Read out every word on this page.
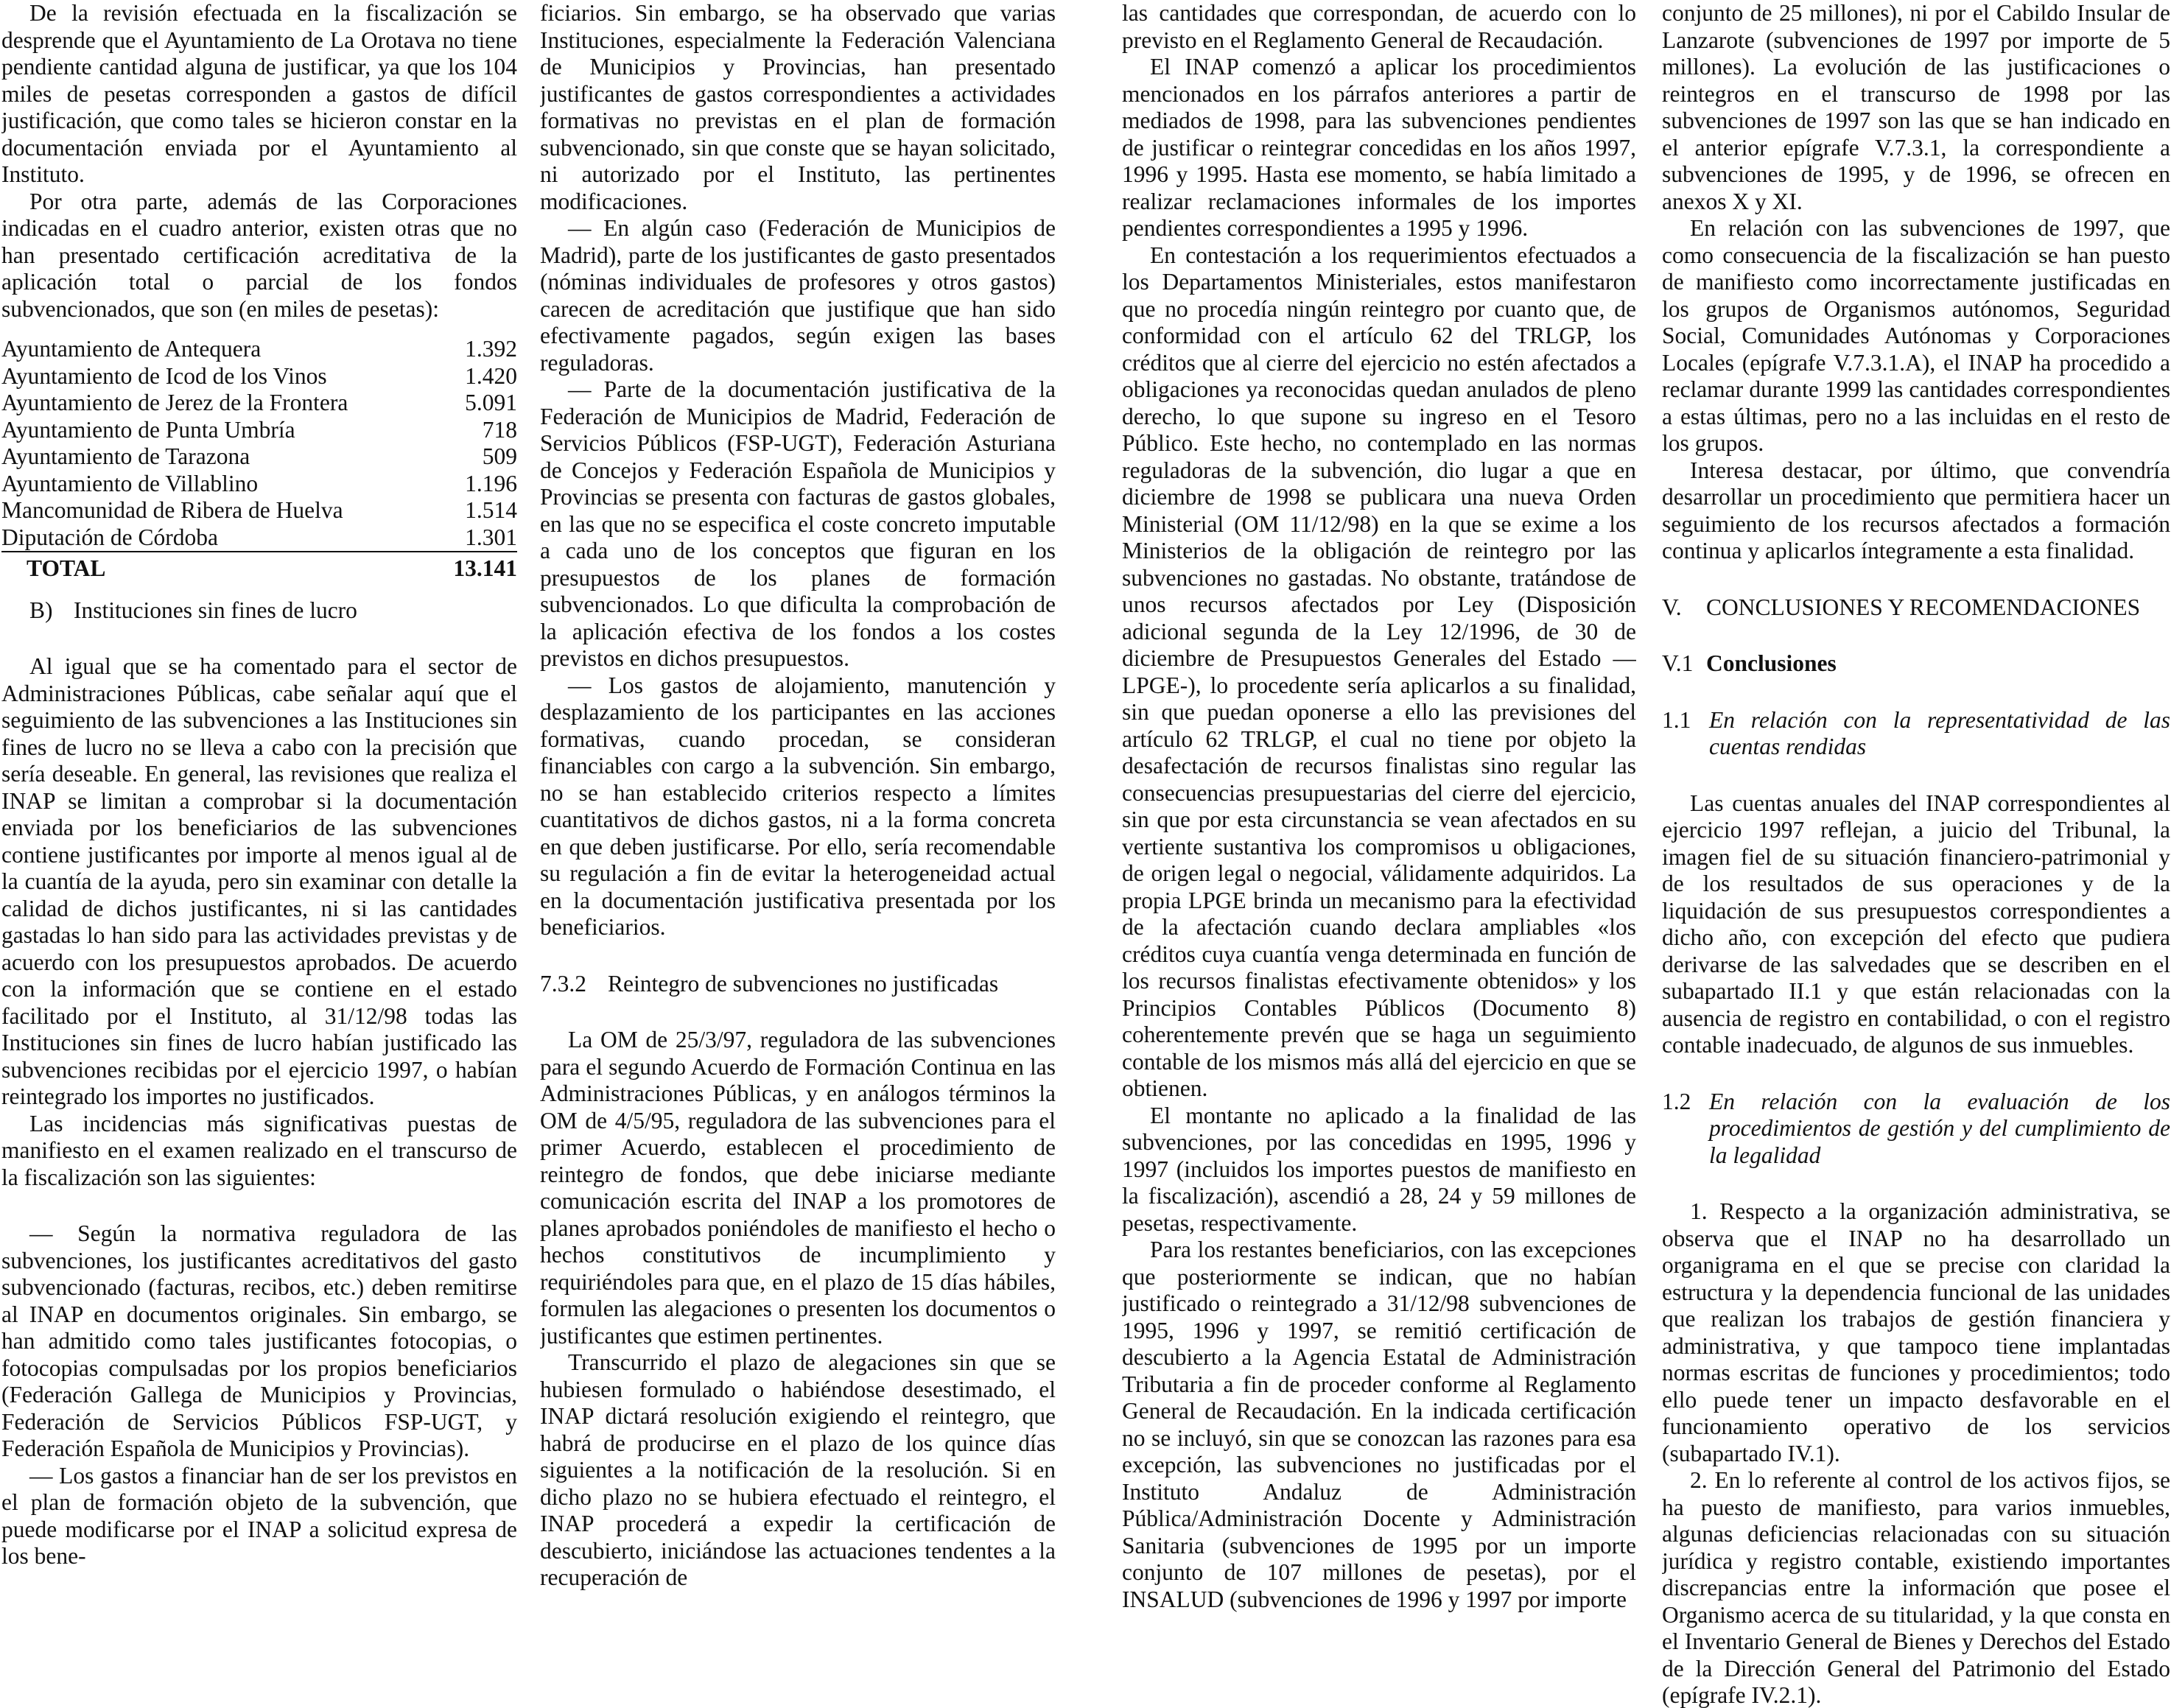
De la revisión efectuada en la fiscalización se desprende que el Ayuntamiento de La Orotava no tiene pendiente cantidad alguna de justificar, ya que los 104 miles de pesetas corresponden a gastos de difícil justificación, que como tales se hicieron constar en la documentación enviada por el Ayuntamiento al Instituto.

Por otra parte, además de las Corporaciones indicadas en el cuadro anterior, existen otras que no han presentado certificación acreditativa de la aplicación total o parcial de los fondos subvencionados, que son (en miles de pesetas):

Ayuntamiento de Antequera	1.392
Ayuntamiento de Icod de los Vinos	1.420
Ayuntamiento de Jerez de la Frontera	5.091
Ayuntamiento de Punta Umbría	718
Ayuntamiento de Tarazona	509
Ayuntamiento de Villablino	1.196
Mancomunidad de Ribera de Huelva	1.514
Diputación de Córdoba	1.301
TOTAL	13.141

B) Instituciones sin fines de lucro

Al igual que se ha comentado para el sector de Administraciones Públicas, cabe señalar aquí que el seguimiento de las subvenciones a las Instituciones sin fines de lucro no se lleva a cabo con la precisión que sería deseable. En general, las revisiones que realiza el INAP se limitan a comprobar si la documentación enviada por los beneficiarios de las subvenciones contiene justificantes por importe al menos igual al de la cuantía de la ayuda, pero sin examinar con detalle la calidad de dichos justificantes, ni si las cantidades gastadas lo han sido para las actividades previstas y de acuerdo con los presupuestos aprobados. De acuerdo con la información que se contiene en el estado facilitado por el Instituto, al 31/12/98 todas las Instituciones sin fines de lucro habían justificado las subvenciones recibidas por el ejercicio 1997, o habían reintegrado los importes no justificados.

Las incidencias más significativas puestas de manifiesto en el examen realizado en el transcurso de la fiscalización son las siguientes:

— Según la normativa reguladora de las subvenciones, los justificantes acreditativos del gasto subvencionado (facturas, recibos, etc.) deben remitirse al INAP en documentos originales. Sin embargo, se han admitido como tales justificantes fotocopias, o fotocopias compulsadas por los propios beneficiarios (Federación Gallega de Municipios y Provincias, Federación de Servicios Públicos FSP-UGT, y Federación Española de Municipios y Provincias).

— Los gastos a financiar han de ser los previstos en el plan de formación objeto de la subvención, que puede modificarse por el INAP a solicitud expresa de los bene-

ficiarios. Sin embargo, se ha observado que varias Instituciones, especialmente la Federación Valenciana de Municipios y Provincias, han presentado justificantes de gastos correspondientes a actividades formativas no previstas en el plan de formación subvencionado, sin que conste que se hayan solicitado, ni autorizado por el Instituto, las pertinentes modificaciones.

— En algún caso (Federación de Municipios de Madrid), parte de los justificantes de gasto presentados (nóminas individuales de profesores y otros gastos) carecen de acreditación que justifique que han sido efectivamente pagados, según exigen las bases reguladoras.

— Parte de la documentación justificativa de la Federación de Municipios de Madrid, Federación de Servicios Públicos (FSP-UGT), Federación Asturiana de Concejos y Federación Española de Municipios y Provincias se presenta con facturas de gastos globales, en las que no se especifica el coste concreto imputable a cada uno de los conceptos que figuran en los presupuestos de los planes de formación subvencionados. Lo que dificulta la comprobación de la aplicación efectiva de los fondos a los costes previstos en dichos presupuestos.

— Los gastos de alojamiento, manutención y desplazamiento de los participantes en las acciones formativas, cuando procedan, se consideran financiables con cargo a la subvención. Sin embargo, no se han establecido criterios respecto a límites cuantitativos de dichos gastos, ni a la forma concreta en que deben justificarse. Por ello, sería recomendable su regulación a fin de evitar la heterogeneidad actual en la documentación justificativa presentada por los beneficiarios.

7.3.2 Reintegro de subvenciones no justificadas

La OM de 25/3/97, reguladora de las subvenciones para el segundo Acuerdo de Formación Continua en las Administraciones Públicas, y en análogos términos la OM de 4/5/95, reguladora de las subvenciones para el primer Acuerdo, establecen el procedimiento de reintegro de fondos, que debe iniciarse mediante comunicación escrita del INAP a los promotores de planes aprobados poniéndoles de manifiesto el hecho o hechos constitutivos de incumplimiento y requiriéndoles para que, en el plazo de 15 días hábiles, formulen las alegaciones o presenten los documentos o justificantes que estimen pertinentes.

Transcurrido el plazo de alegaciones sin que se hubiesen formulado o habiéndose desestimado, el INAP dictará resolución exigiendo el reintegro, que habrá de producirse en el plazo de los quince días siguientes a la notificación de la resolución. Si en dicho plazo no se hubiera efectuado el reintegro, el INAP procederá a expedir la certificación de descubierto, iniciándose las actuaciones tendentes a la recuperación de

las cantidades que correspondan, de acuerdo con lo previsto en el Reglamento General de Recaudación.

El INAP comenzó a aplicar los procedimientos mencionados en los párrafos anteriores a partir de mediados de 1998, para las subvenciones pendientes de justificar o reintegrar concedidas en los años 1997, 1996 y 1995. Hasta ese momento, se había limitado a realizar reclamaciones informales de los importes pendientes correspondientes a 1995 y 1996.

En contestación a los requerimientos efectuados a los Departamentos Ministeriales, estos manifestaron que no procedía ningún reintegro por cuanto que, de conformidad con el artículo 62 del TRLGP, los créditos que al cierre del ejercicio no estén afectados a obligaciones ya reconocidas quedan anulados de pleno derecho, lo que supone su ingreso en el Tesoro Público. Este hecho, no contemplado en las normas reguladoras de la subvención, dio lugar a que en diciembre de 1998 se publicara una nueva Orden Ministerial (OM 11/12/98) en la que se exime a los Ministerios de la obligación de reintegro por las subvenciones no gastadas. No obstante, tratándose de unos recursos afectados por Ley (Disposición adicional segunda de la Ley 12/1996, de 30 de diciembre de Presupuestos Generales del Estado —LPGE-), lo procedente sería aplicarlos a su finalidad, sin que puedan oponerse a ello las previsiones del artículo 62 TRLGP, el cual no tiene por objeto la desafectación de recursos finalistas sino regular las consecuencias presupuestarias del cierre del ejercicio, sin que por esta circunstancia se vean afectados en su vertiente sustantiva los compromisos u obligaciones, de origen legal o negocial, válidamente adquiridos. La propia LPGE brinda un mecanismo para la efectividad de la afectación cuando declara ampliables «los créditos cuya cuantía venga determinada en función de los recursos finalistas efectivamente obtenidos» y los Principios Contables Públicos (Documento 8) coherentemente prevén que se haga un seguimiento contable de los mismos más allá del ejercicio en que se obtienen.

El montante no aplicado a la finalidad de las subvenciones, por las concedidas en 1995, 1996 y 1997 (incluidos los importes puestos de manifiesto en la fiscalización), ascendió a 28, 24 y 59 millones de pesetas, respectivamente.

Para los restantes beneficiarios, con las excepciones que posteriormente se indican, que no habían justificado o reintegrado a 31/12/98 subvenciones de 1995, 1996 y 1997, se remitió certificación de descubierto a la Agencia Estatal de Administración Tributaria a fin de proceder conforme al Reglamento General de Recaudación. En la indicada certificación no se incluyó, sin que se conozcan las razones para esa excepción, las subvenciones no justificadas por el Instituto Andaluz de Administración Pública/Administración Docente y Administración Sanitaria (subvenciones de 1995 por un importe conjunto de 107 millones de pesetas), por el INSALUD (subvenciones de 1996 y 1997 por importe

conjunto de 25 millones), ni por el Cabildo Insular de Lanzarote (subvenciones de 1997 por importe de 5 millones). La evolución de las justificaciones o reintegros en el transcurso de 1998 por las subvenciones de 1997 son las que se han indicado en el anterior epígrafe V.7.3.1, la correspondiente a subvenciones de 1995, y de 1996, se ofrecen en anexos X y XI.

En relación con las subvenciones de 1997, que como consecuencia de la fiscalización se han puesto de manifiesto como incorrectamente justificadas en los grupos de Organismos autónomos, Seguridad Social, Comunidades Autónomas y Corporaciones Locales (epígrafe V.7.3.1.A), el INAP ha procedido a reclamar durante 1999 las cantidades correspondientes a estas últimas, pero no a las incluidas en el resto de los grupos.

Interesa destacar, por último, que convendría desarrollar un procedimiento que permitiera hacer un seguimiento de los recursos afectados a formación continua y aplicarlos íntegramente a esta finalidad.

V. CONCLUSIONES Y RECOMENDACIONES

V.1 Conclusiones

1.1 En relación con la representatividad de las cuentas rendidas

Las cuentas anuales del INAP correspondientes al ejercicio 1997 reflejan, a juicio del Tribunal, la imagen fiel de su situación financiero-patrimonial y de los resultados de sus operaciones y de la liquidación de sus presupuestos correspondientes a dicho año, con excepción del efecto que pudiera derivarse de las salvedades que se describen en el subapartado II.1 y que están relacionadas con la ausencia de registro en contabilidad, o con el registro contable inadecuado, de algunos de sus inmuebles.

1.2 En relación con la evaluación de los procedimientos de gestión y del cumplimiento de la legalidad

1. Respecto a la organización administrativa, se observa que el INAP no ha desarrollado un organigrama en el que se precise con claridad la estructura y la dependencia funcional de las unidades que realizan los trabajos de gestión financiera y administrativa, y que tampoco tiene implantadas normas escritas de funciones y procedimientos; todo ello puede tener un impacto desfavorable en el funcionamiento operativo de los servicios (subapartado IV.1).

2. En lo referente al control de los activos fijos, se ha puesto de manifiesto, para varios inmuebles, algunas deficiencias relacionadas con su situación jurídica y registro contable, existiendo importantes discrepancias entre la información que posee el Organismo acerca de su titularidad, y la que consta en el Inventario General de Bienes y Derechos del Estado de la Dirección General del Patrimonio del Estado (epígrafe IV.2.1).
